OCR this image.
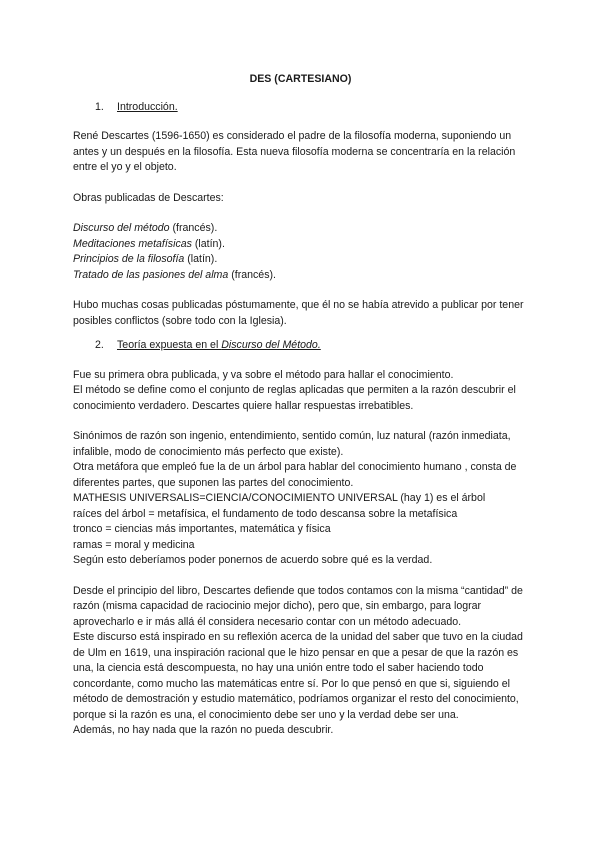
DES (CARTESIANO)
1. Introducción.

René Descartes (1596-1650) es considerado el padre de la filosofía moderna, suponiendo un antes y un después en la filosofía. Esta nueva filosofía moderna se concentraría en la relación entre el yo y el objeto.

Obras publicadas de Descartes:

Discurso del método (francés).

Meditaciones metafísicas (latín).

Principios de la filosofía (latín).

Tratado de las pasiones del alma (francés).

Hubo muchas cosas publicadas póstumamente, que él no se había atrevido a publicar por tener posibles conflictos (sobre todo con la Iglesia).

2. Teoría expuesta en el Discurso del Método.

Fue su primera obra publicada, y va sobre el método para hallar el conocimiento.

El método se define como el conjunto de reglas aplicadas que permiten a la razón descubrir el conocimiento verdadero. Descartes quiere hallar respuestas irrebatibles.

Sinónimos de razón son ingenio, entendimiento, sentido común, luz natural (razón inmediata, infalible, modo de conocimiento más perfecto que existe).

Otra metáfora que empleó fue la de un árbol para hablar del conocimiento humano , consta de diferentes partes, que suponen las partes del conocimiento.

MATHESIS UNIVERSALIS=CIENCIA/CONOCIMIENTO UNIVERSAL (hay 1) es el árbol

raíces del árbol = metafísica, el fundamento de todo descansa sobre la metafísica

tronco = ciencias más importantes, matemática y física

ramas = moral y medicina

Según esto deberíamos poder ponernos de acuerdo sobre qué es la verdad.

Desde el principio del libro, Descartes defiende que todos contamos con la misma “cantidad” de razón (misma capacidad de raciocinio mejor dicho), pero que, sin embargo, para lograr aprovecharlo e ir más allá él considera necesario contar con un método adecuado.

Este discurso está inspirado en su reflexión acerca de la unidad del saber que tuvo en la ciudad de Ulm en 1619, una inspiración racional que le hizo pensar en que a pesar de que la razón es una, la ciencia está descompuesta, no hay una unión entre todo el saber haciendo todo concordante, como mucho las matemáticas entre sí. Por lo que pensó en que si, siguiendo el método de demostración y estudio matemático, podríamos organizar el resto del conocimiento, porque si la razón es una, el conocimiento debe ser uno y la verdad debe ser una.

Además, no hay nada que la razón no pueda descubrir.
